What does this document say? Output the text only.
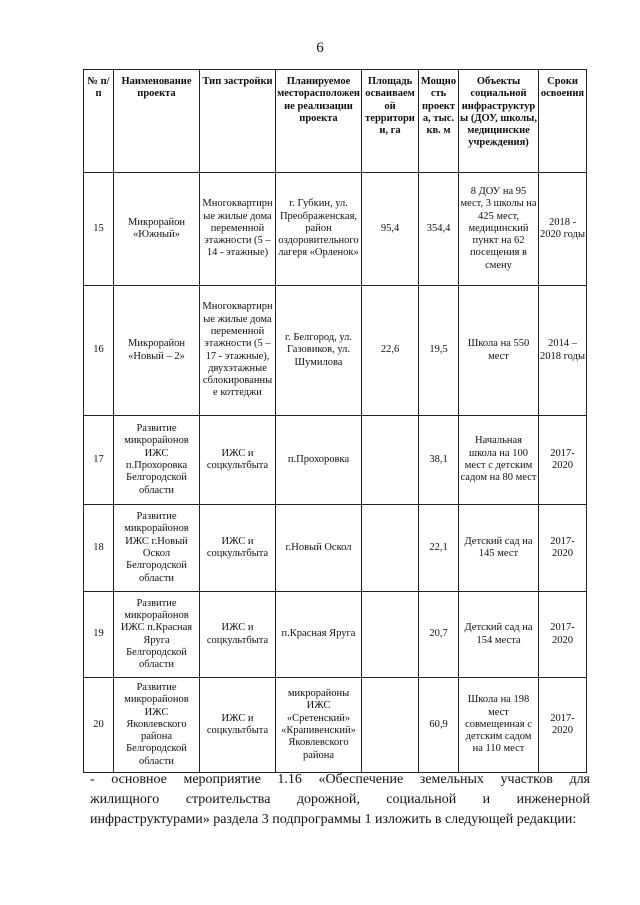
6
№ п/п	Наименование проекта	Тип застройки	Планируемое месторасположение реализации проекта	Площадь осваиваемой территории, га	Мощность проекта, тыс. кв. м	Объекты социальной инфраструктуры (ДОУ, школы, медицинские учреждения)	Сроки освоения
15	Микрорайон «Южный»	Многоквартирные жилые дома переменной этажности (5 – 14 - этажные)	г. Губкин, ул. Преображенская, район оздоровительного лагеря «Орленок»	95,4	354,4	8 ДОУ на 95 мест, 3 школы на 425 мест, медицинский пункт на 62 посещения в смену	2018 - 2020 годы
16	Микрорайон «Новый – 2»	Многоквартирные жилые дома переменной этажности (5 – 17 - этажные), двухэтажные сблокированные коттеджи	г. Белгород, ул. Газовиков, ул. Шумилова	22,6	19,5	Школа на 550 мест	2014 – 2018 годы
17	Развитие микрорайонов ИЖС п.Прохоровка Белгородской области	ИЖС и соцкультбыта	п.Прохоровка		38,1	Начальная школа на 100 мест с детским садом на 80 мест	2017-2020
18	Развитие микрорайонов ИЖС г.Новый Оскол Белгородской области	ИЖС и соцкультбыта	г.Новый Оскол		22,1	Детский сад на 145 мест	2017-2020
19	Развитие микрорайонов ИЖС п.Красная Яруга Белгородской области	ИЖС и соцкультбыта	п.Красная Яруга		20,7	Детский сад на 154 места	2017-2020
20	Развитие микрорайонов ИЖС Яковлевского района Белгородской области	ИЖС и соцкультбыта	микрорайоны ИЖС «Сретенский» «Крапивенский» Яковлевского района		60,9	Школа на 198 мест совмещенная с детским садом на 110 мест	2017-2020
- основное мероприятие 1.16 «Обеспечение земельных участков для
жилищного строительства дорожной, социальной и инженерной
инфраструктурами» раздела 3 подпрограммы 1 изложить в следующей редакции:
